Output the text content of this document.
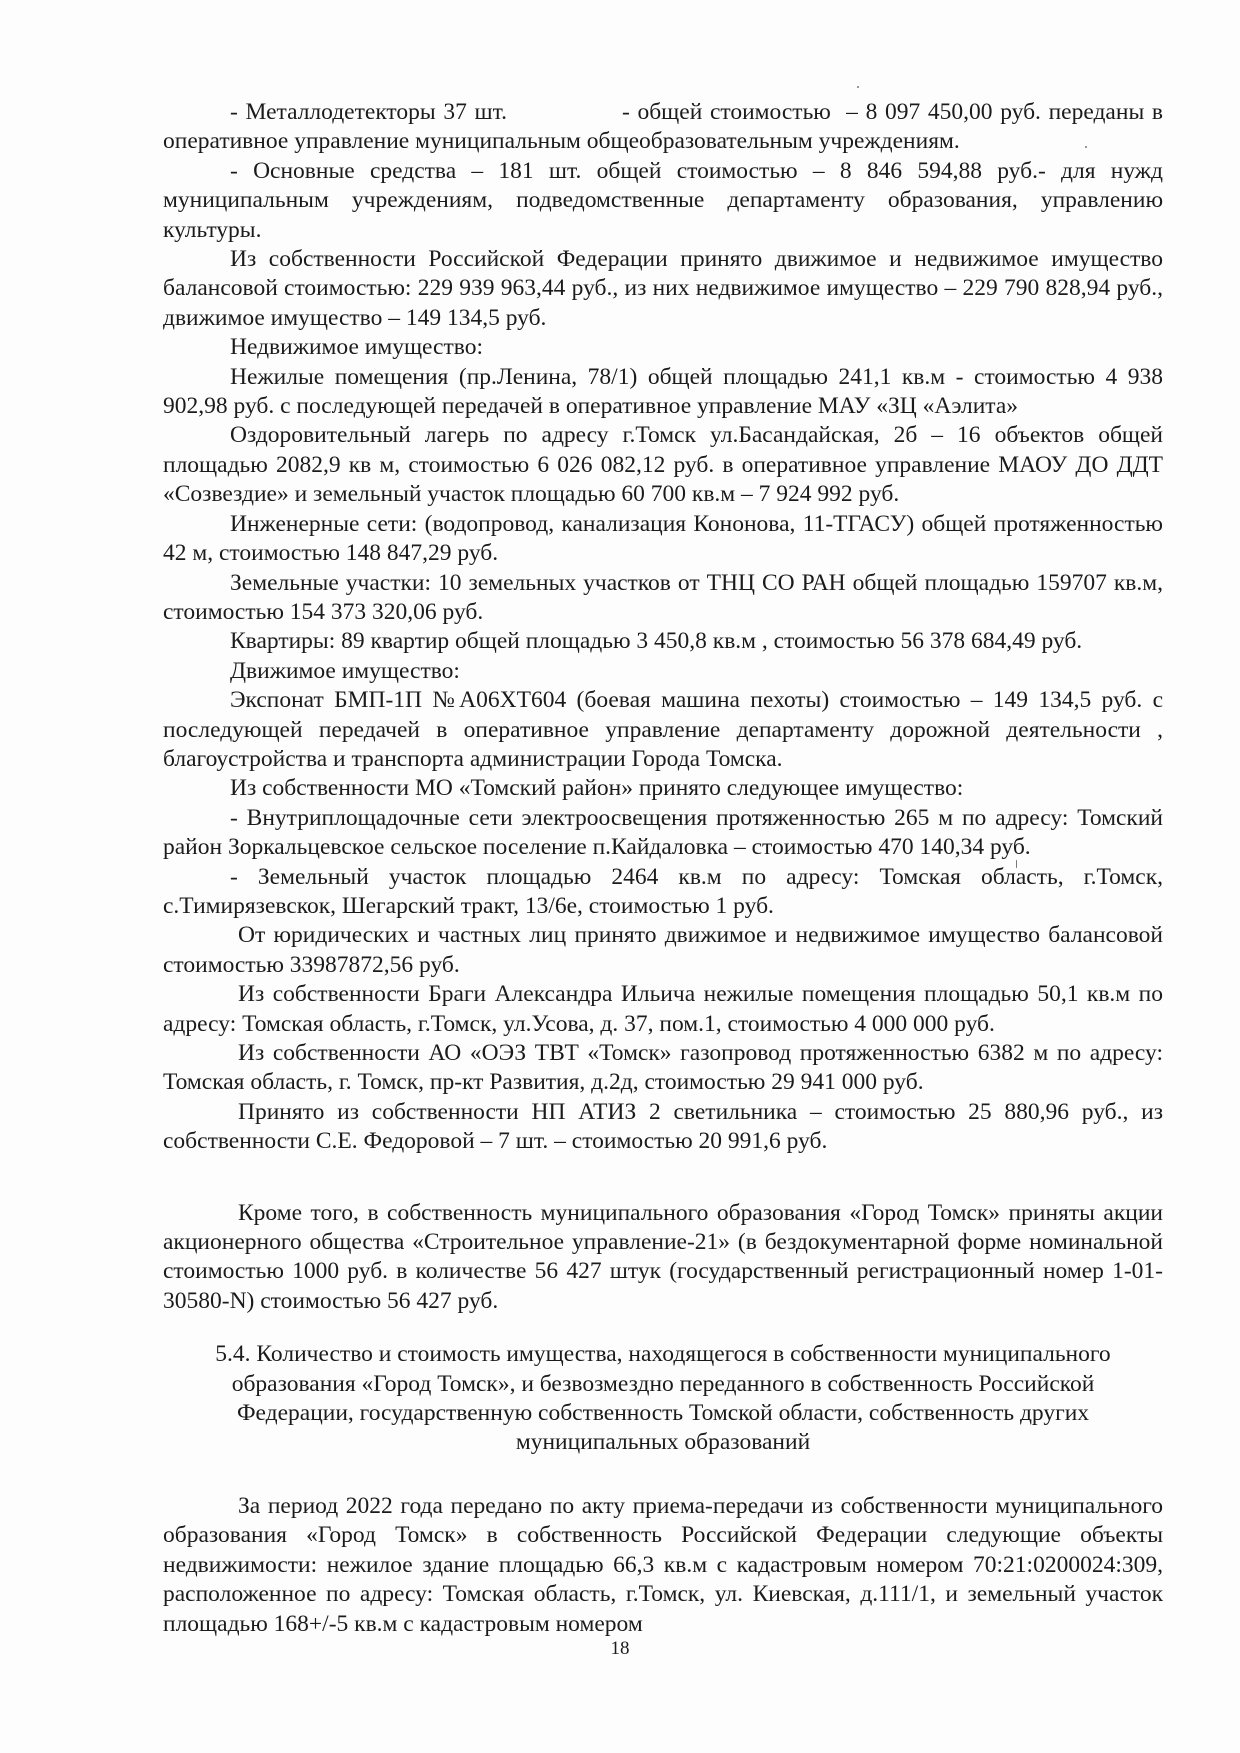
- Металлодетекторы 37 шт.               - общей стоимостью  – 8 097 450,00 руб. переданы в оперативное управление муниципальным общеобразовательным учреждениям.

- Основные средства – 181 шт. общей стоимостью – 8 846 594,88 руб.- для нужд муниципальным учреждениям, подведомственные департаменту образования, управлению культуры.

Из собственности Российской Федерации принято движимое и недвижимое имущество балансовой стоимостью: 229 939 963,44 руб., из них недвижимое имущество – 229 790 828,94 руб., движимое имущество – 149 134,5 руб.

Недвижимое имущество:

Нежилые помещения (пр.Ленина, 78/1) общей площадью 241,1 кв.м - стоимостью 4 938 902,98 руб. с последующей передачей в оперативное управление МАУ «ЗЦ «Аэлита»

Оздоровительный лагерь по адресу г.Томск ул.Басандайская, 2б – 16 объектов общей площадью 2082,9 кв м, стоимостью 6 026 082,12 руб. в оперативное управление МАОУ ДО ДДТ «Созвездие» и земельный участок площадью 60 700 кв.м – 7 924 992 руб.

Инженерные сети: (водопровод, канализация Кононова, 11-ТГАСУ) общей протяженностью 42 м, стоимостью 148 847,29 руб.

Земельные участки: 10 земельных участков от ТНЦ СО РАН общей площадью 159707 кв.м, стоимостью 154 373 320,06 руб.

Квартиры: 89 квартир общей площадью 3 450,8 кв.м , стоимостью 56 378 684,49 руб.

Движимое имущество:

Экспонат БМП-1П №А06ХТ604 (боевая машина пехоты) стоимостью – 149 134,5 руб. с последующей передачей в оперативное управление департаменту дорожной деятельности , благоустройства и транспорта администрации Города Томска.

Из собственности МО «Томский район» принято следующее имущество:

- Внутриплощадочные сети электроосвещения протяженностью 265 м по адресу: Томский район Зоркальцевское сельское поселение п.Кайдаловка – стоимостью 470 140,34 руб.

- Земельный участок площадью 2464 кв.м по адресу: Томская область, г.Томск, с.Тимирязевскок, Шегарский тракт, 13/6е, стоимостью 1 руб.

От юридических и частных лиц принято движимое и недвижимое имущество балансовой стоимостью 33987872,56 руб.

Из собственности Браги Александра Ильича нежилые помещения площадью 50,1 кв.м по адресу: Томская область, г.Томск, ул.Усова, д. 37, пом.1, стоимостью 4 000 000 руб.

Из собственности АО «ОЭЗ ТВТ «Томск» газопровод протяженностью 6382 м по адресу: Томская область, г. Томск, пр-кт Развития, д.2д, стоимостью 29 941 000 руб.

Принято из собственности НП АТИЗ 2 светильника – стоимостью 25 880,96 руб., из собственности С.Е. Федоровой – 7 шт. – стоимостью 20 991,6 руб.

Кроме того, в собственность муниципального образования «Город Томск» приняты акции акционерного общества «Строительное управление-21» (в бездокументарной форме номинальной стоимостью 1000 руб. в количестве 56 427 штук (государственный регистрационный номер 1-01-30580-N) стоимостью 56 427 руб.

5.4. Количество и стоимость имущества, находящегося в собственности муниципального образования «Город Томск», и безвозмездно переданного в собственность Российской Федерации, государственную собственность Томской области, собственность других муниципальных образований

За период 2022 года передано по акту приема-передачи из собственности муниципального образования «Город Томск» в собственность Российской Федерации следующие объекты недвижимости: нежилое здание площадью 66,3 кв.м с кадастровым номером 70:21:0200024:309, расположенное по адресу: Томская область, г.Томск, ул. Киевская, д.111/1, и земельный участок площадью 168+/-5 кв.м с кадастровым номером

18
